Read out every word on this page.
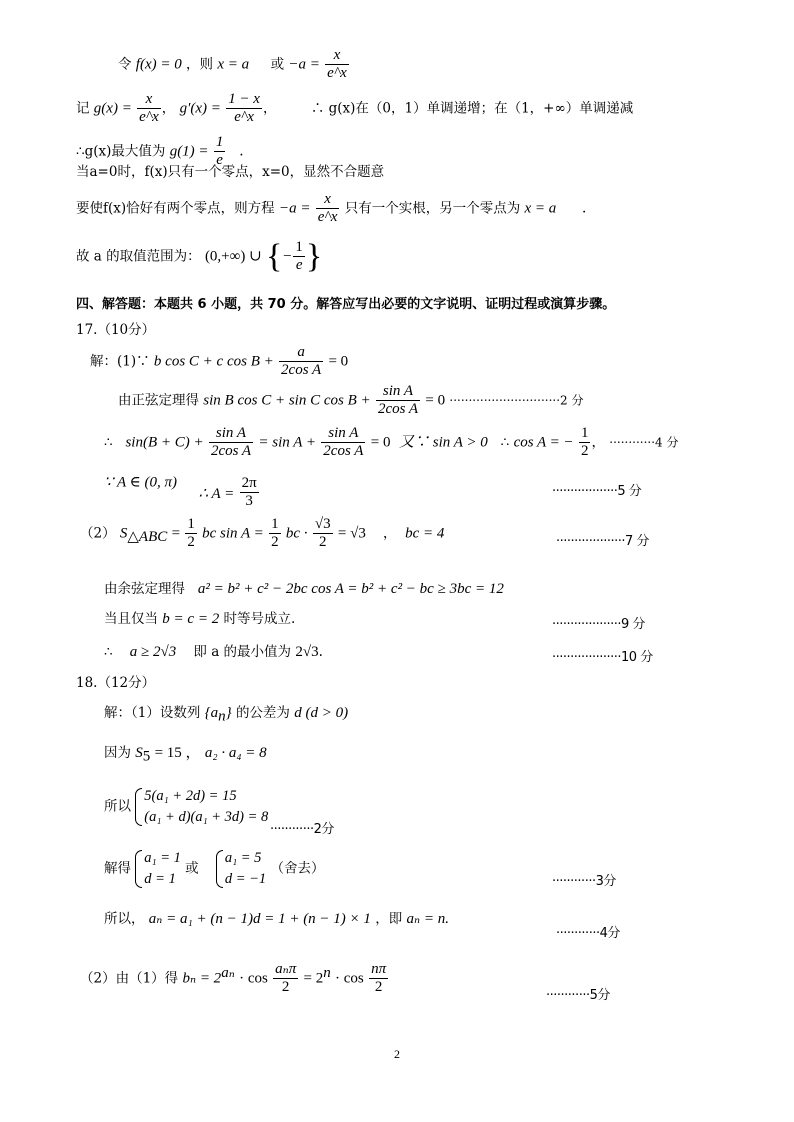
令 f(x) = 0 ，则 x = a 或 $-a = \frac{x}{e\^{}x}$
记 $g(x) = \frac{x}{e\^{}x}$ ， $g'(x) = \frac{1 - x}{e\^{}x}$ ，        ∴ g(x)在（0，1）单调递增；在（1，+∞）单调递减
∴g(x)最大值为 $g(1) = \frac{1}{e}$ .
当a=0时，f(x)只有一个零点，x=0，显然不合题意
要使f(x)恰好有两个零点，则方程 $-a = \frac{x}{e\^{}x}$ 只有一个实根，另一个零点为 x = a .
故 a 的取值范围为： (0,+∞) ∪ {− $\frac{1}{e}$ }
四、解答题：本题共 6 小题，共 70 分。解答应写出必要的文字说明、证明过程或演算步骤。
17.（10分）
解：(1)∵ b cos C + c $\cos B + \frac{a}{\text{2cos A}} = 0$
由正弦定理得 sin B cos C + sin C $\cos B + \frac{\text{sin A}}{\text{2cos A}} = 0 \cdot\cdot\cdot\cdot\cdot\cdot\cdot\cdot\cdot\cdot\cdot\cdot\cdot\cdot\cdot\cdot\cdot\cdot\cdot\cdot\cdot\cdot\cdot\cdot\cdot\cdot\cdot\cdot\cdot 2$ 分
∴ $\sin(B + C) + \frac{\text{sin A}}{\text{2cos A}} = \sin A + \frac{\text{sin A}}{\text{2cos A}} = 0$ 又∵ sin A > 0 ∴ cos A = − $\frac{1}{2}$ ， ············4 分
∵ A ∈ (0, π)     ∴ $A = \frac{2\pi}{3}$	··················5 分
（2） $S_{\triangle ABC} = \frac{1}{2}$ bc $\sin A = \frac{1}{2}$ bc · $\frac{√3}{2} = √3$ ， bc = 4
···················7 分
由余弦定理得 a² = b² + c² − 2bc cos A = b² + c² − bc ≥ 3bc = 12
当且仅当 b = c = 2 时等号成立.	···················9 分
∴ a ≥ 2√3 即 a 的最小值为 2√3.	···················10 分
18.（12分）
解：（1）设数列 $\{a_n\}$ 的公差为 d (d > 0)
因为 $S_5 = 15$ ， a₂ · a₄ = 8
所以
5(a₁ + 2d) = 15
(a₁ + d)(a₁ + 3d) = 8
············2分
解得
a₁ = 1
d = 1
或
a₁ = 5
d = −1
（舍去）
············3分
所以， aₙ = a₁ + (n − 1)d = 1 + (n − 1) × 1 ，即 aₙ = n.
············4分
（2）由（1）得 $b_n = 2^{a_n} \cdot \cos \frac{\text{aₙπ}}{2} = 2^n \cdot \cos \frac{n\pi}{2}$	············5分
2
